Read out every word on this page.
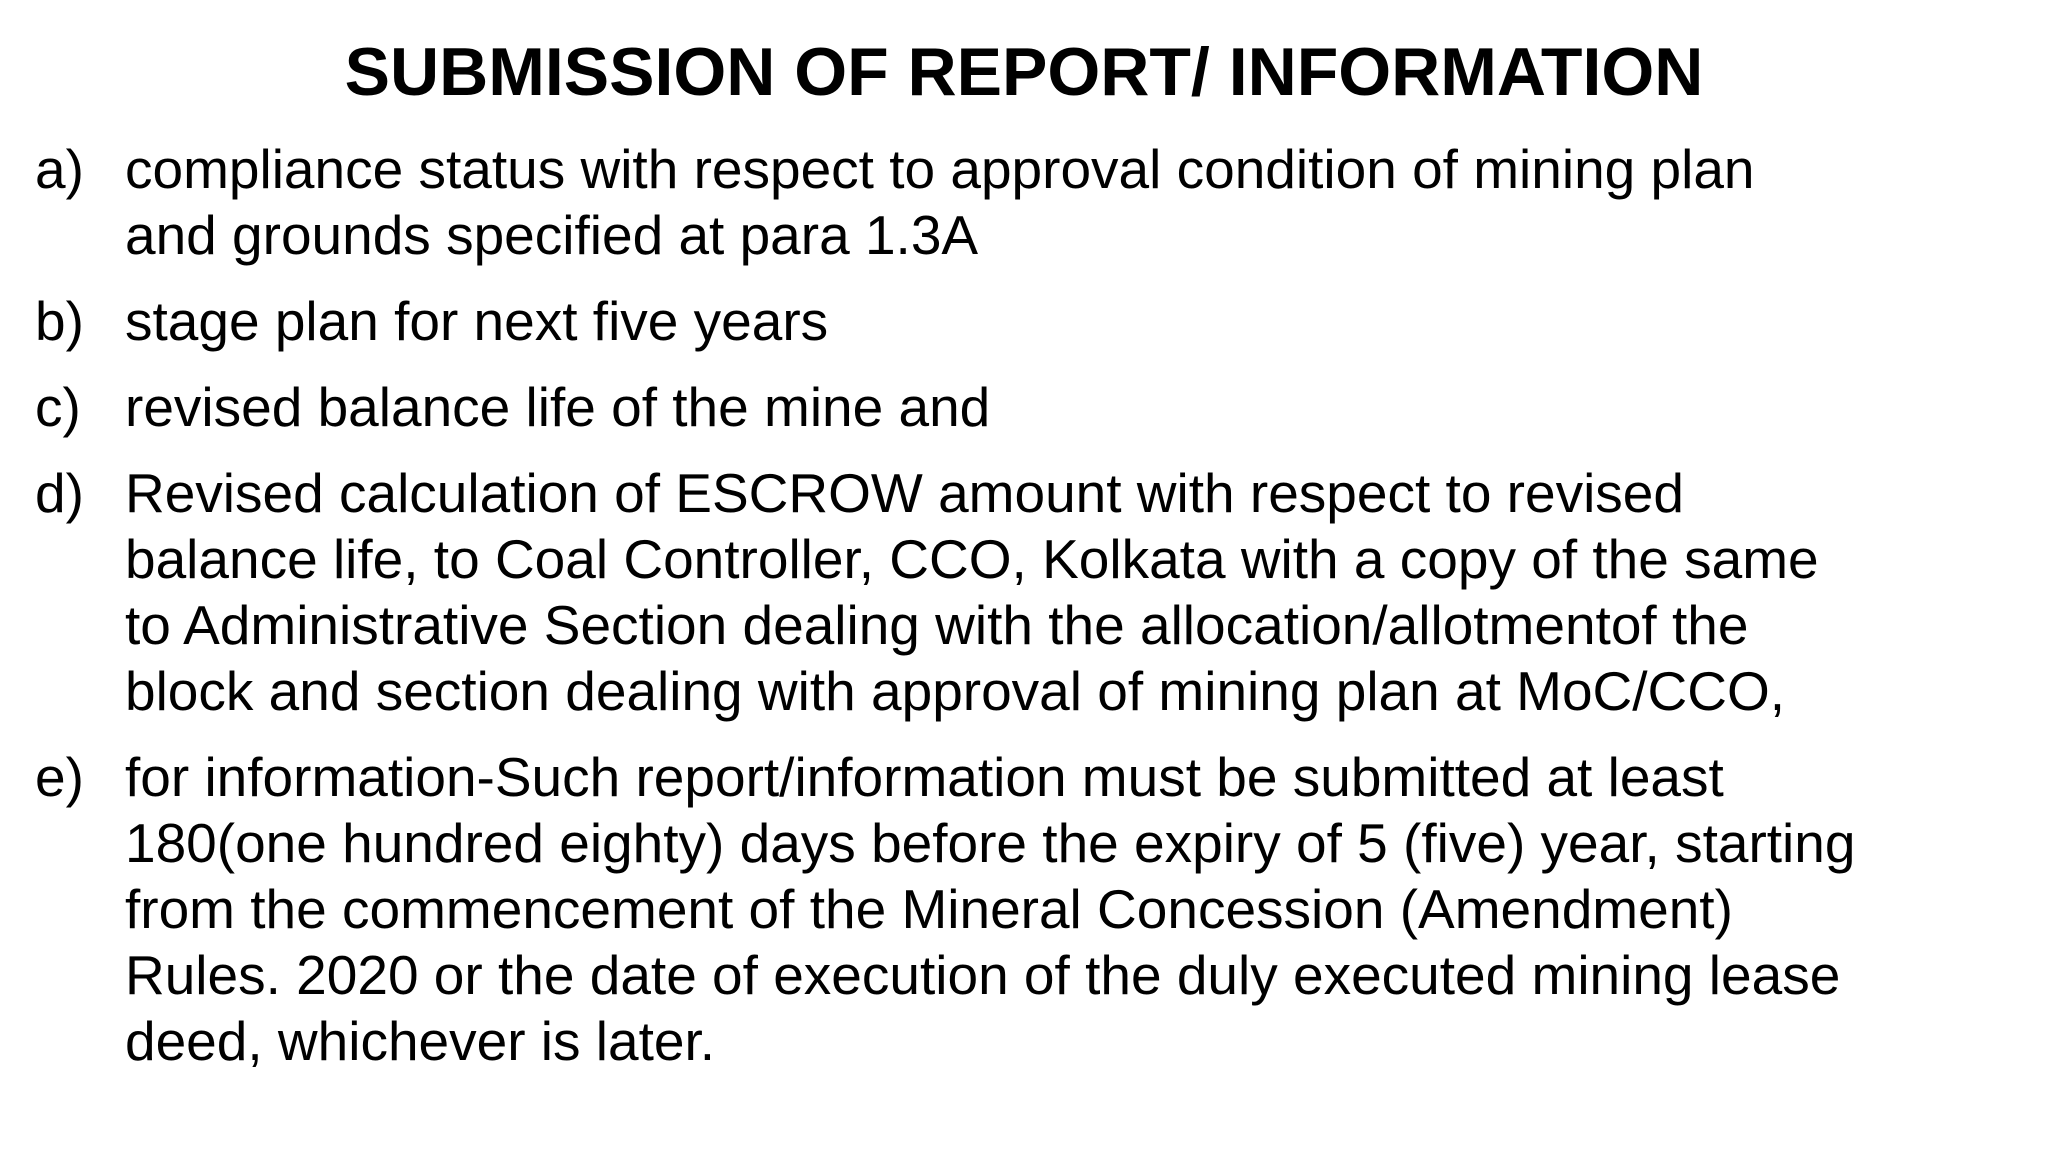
SUBMISSION OF REPORT/ INFORMATION
a) compliance status with respect to approval condition of mining plan
and grounds specified at para 1.3A
b) stage plan for next five years
c) revised balance life of the mine and
d) Revised calculation of ESCROW amount with respect to revised
balance life, to Coal Controller, CCO, Kolkata with a copy of the same
to Administrative Section dealing with the allocation/allotmentof the
block and section dealing with approval of mining plan at MoC/CCO,
e) for information-Such report/information must be submitted at least
180(one hundred eighty) days before the expiry of 5 (five) year, starting
from the commencement of the Mineral Concession (Amendment)
Rules. 2020 or the date of execution of the duly executed mining lease
deed, whichever is later.
